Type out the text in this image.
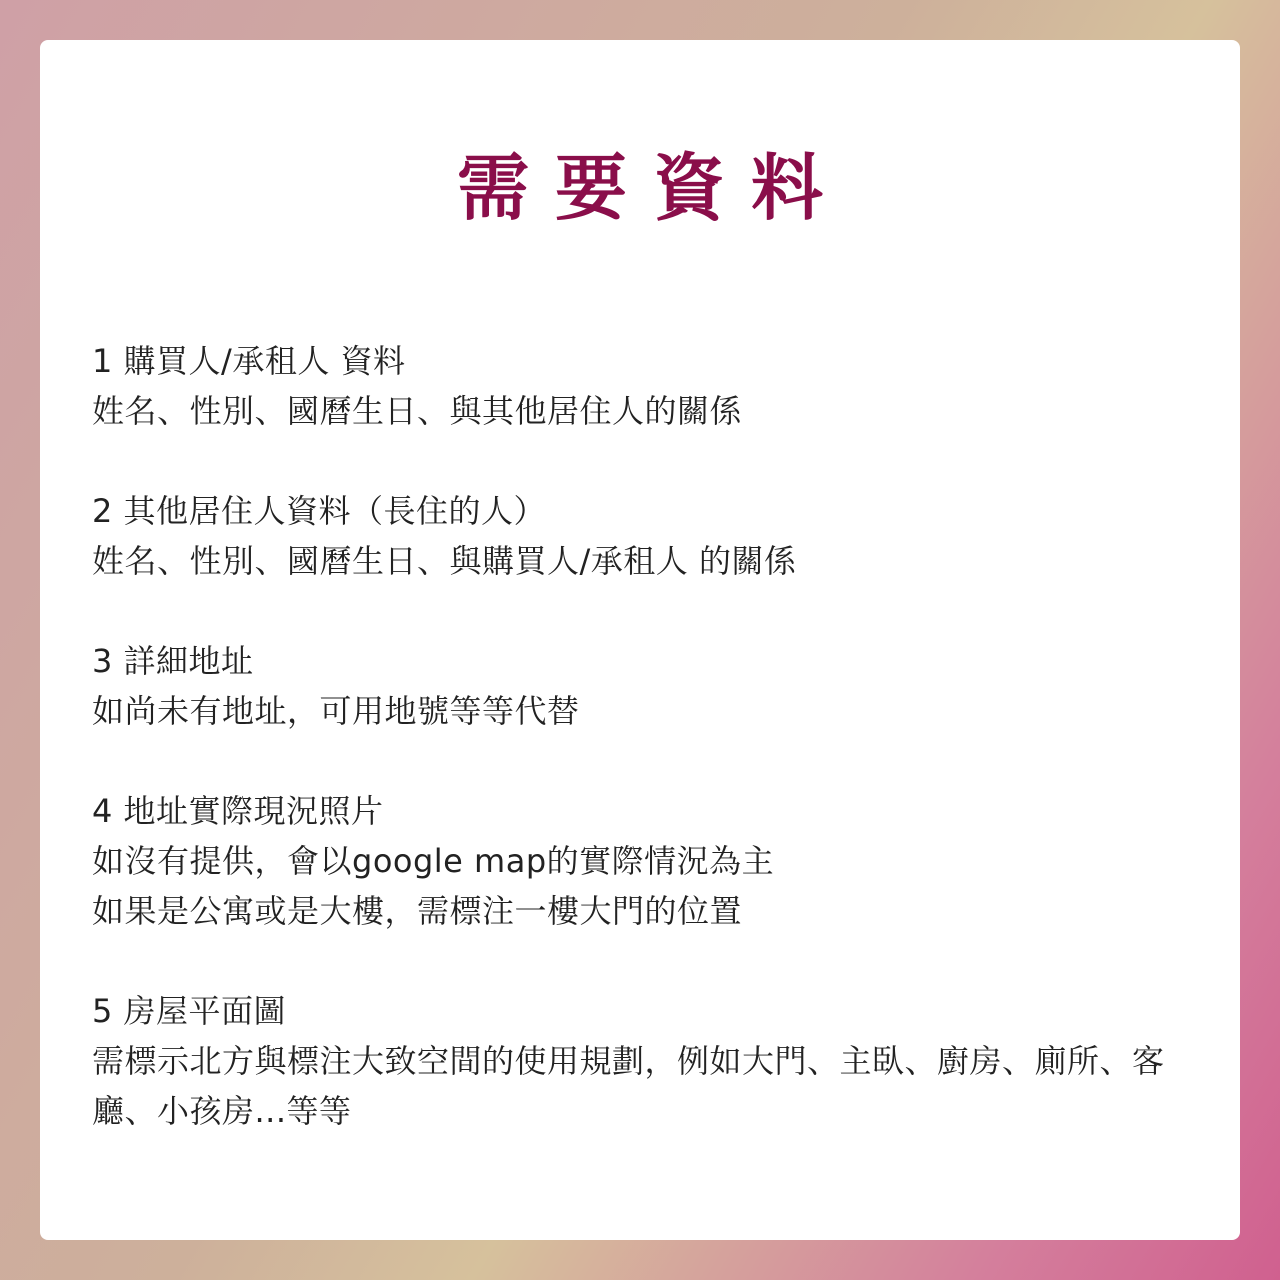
需要資料
1 購買人/承租人 資料
姓名、性別、國曆生日、與其他居住人的關係
2 其他居住人資料（長住的人）
姓名、性別、國曆生日、與購買人/承租人 的關係
3 詳細地址
如尚未有地址，可用地號等等代替
4 地址實際現況照片
如沒有提供，會以google map的實際情況為主
如果是公寓或是大樓，需標注一樓大門的位置
5 房屋平面圖
需標示北方與標注大致空間的使用規劃，例如大門、主臥、廚房、廁所、客廳、小孩房...等等
